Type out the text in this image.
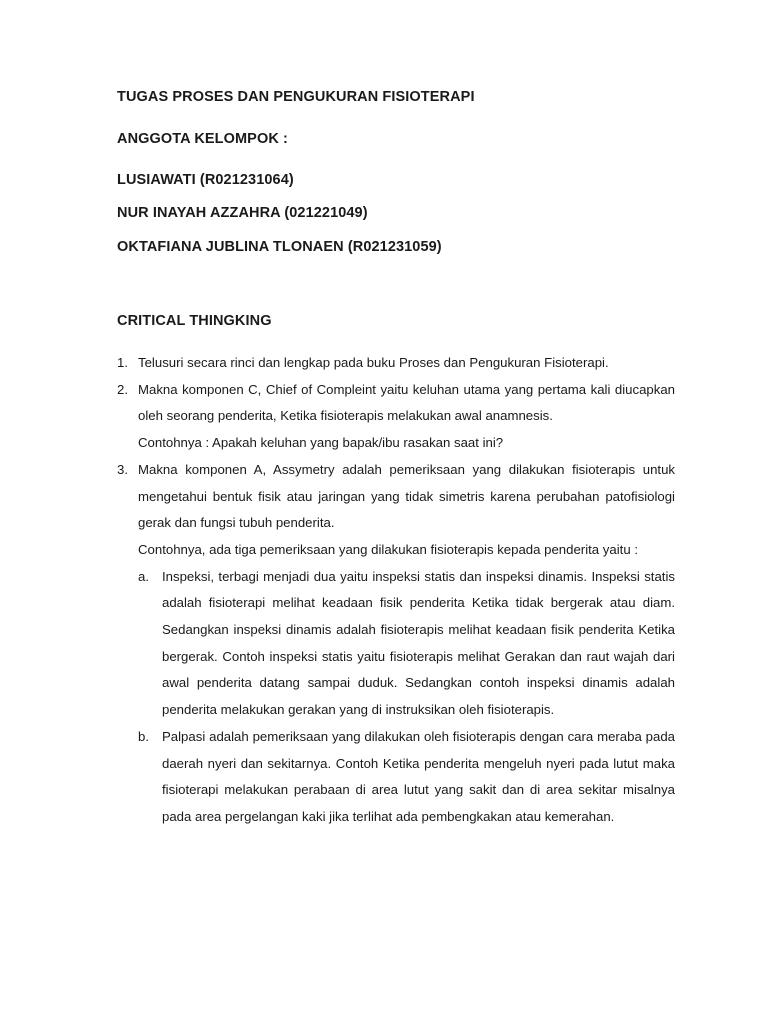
TUGAS PROSES DAN PENGUKURAN FISIOTERAPI
ANGGOTA KELOMPOK :
LUSIAWATI (R021231064)
NUR INAYAH AZZAHRA (021221049)
OKTAFIANA JUBLINA TLONAEN (R021231059)
CRITICAL THINGKING
1. Telusuri secara rinci dan lengkap pada buku Proses dan Pengukuran Fisioterapi.

2. Makna komponen C, Chief of Compleint yaitu keluhan utama yang pertama kali diucapkan oleh seorang penderita, Ketika fisioterapis melakukan awal anamnesis.

Contohnya : Apakah keluhan yang bapak/ibu rasakan saat ini?

3. Makna komponen A, Assymetry adalah pemeriksaan yang dilakukan fisioterapis untuk mengetahui bentuk fisik atau jaringan yang tidak simetris karena perubahan patofisiologi gerak dan fungsi tubuh penderita.

Contohnya, ada tiga pemeriksaan yang dilakukan fisioterapis kepada penderita yaitu :

a. Inspeksi, terbagi menjadi dua yaitu inspeksi statis dan inspeksi dinamis. Inspeksi statis adalah fisioterapi melihat keadaan fisik penderita Ketika tidak bergerak atau diam. Sedangkan inspeksi dinamis adalah fisioterapis melihat keadaan fisik penderita Ketika bergerak. Contoh inspeksi statis yaitu fisioterapis melihat Gerakan dan raut wajah dari awal penderita datang sampai duduk. Sedangkan contoh inspeksi dinamis adalah penderita melakukan gerakan yang di instruksikan oleh fisioterapis.

b. Palpasi adalah pemeriksaan yang dilakukan oleh fisioterapis dengan cara meraba pada daerah nyeri dan sekitarnya. Contoh Ketika penderita mengeluh nyeri pada lutut maka fisioterapi melakukan perabaan di area lutut yang sakit dan di area sekitar misalnya pada area pergelangan kaki jika terlihat ada pembengkakan atau kemerahan.
